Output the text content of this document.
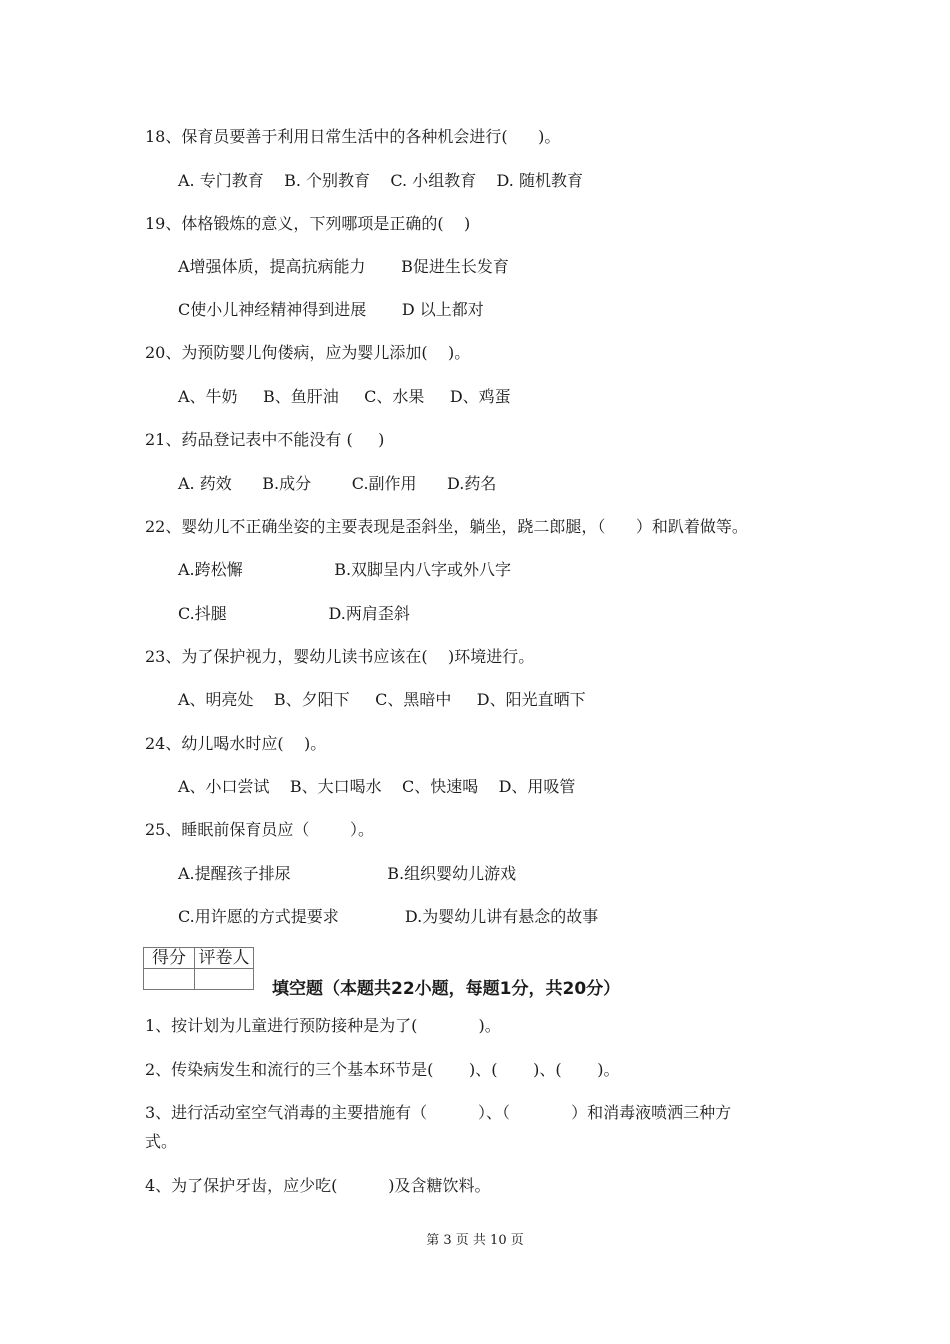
18、保育员要善于利用日常生活中的各种机会进行(      )。
A. 专门教育    B. 个别教育    C. 小组教育    D. 随机教育
19、体格锻炼的意义，下列哪项是正确的(    )
A增强体质，提高抗病能力       B促进生长发育
C使小儿神经精神得到进展       D 以上都对
20、为预防婴儿佝偻病，应为婴儿添加(    )。
A、牛奶     B、鱼肝油     C、水果     D、鸡蛋
21、药品登记表中不能没有 (     )
A. 药效      B.成分        C.副作用      D.药名
22、婴幼儿不正确坐姿的主要表现是歪斜坐，躺坐，跷二郎腿，（      ）和趴着做等。
A.跨松懈                  B.双脚呈内八字或外八字
C.抖腿                    D.两肩歪斜
23、为了保护视力，婴幼儿读书应该在(    )环境进行。
A、明亮处    B、夕阳下     C、黑暗中     D、阳光直晒下
24、幼儿喝水时应(    )。
A、小口尝试    B、大口喝水    C、快速喝    D、用吸管
25、睡眠前保育员应（        ）。
A.提醒孩子排尿                   B.组织婴幼儿游戏
C.用许愿的方式提要求             D.为婴幼儿讲有悬念的故事
得分	评卷人

填空题（本题共22小题，每题1分，共20分）
1、按计划为儿童进行预防接种是为了(            )。
2、传染病发生和流行的三个基本环节是(       )、(       )、(       )。
3、进行活动室空气消毒的主要措施有（          ）、（            ）和消毒液喷洒三种方
式。
4、为了保护牙齿，应少吃(          )及含糖饮料。
第 3 页 共 10 页
